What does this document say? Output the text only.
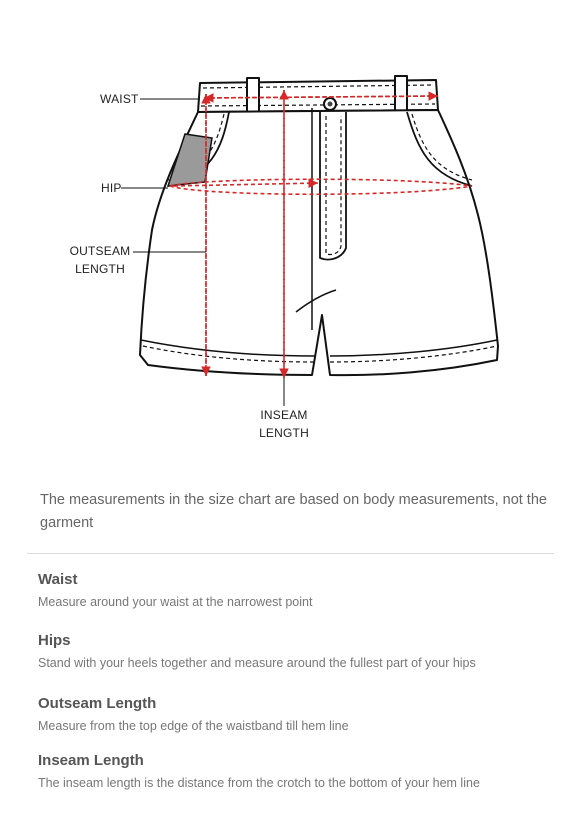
WAIST
HIP
OUTSEAM
LENGTH
INSEAM
LENGTH
The measurements in the size chart are based on body measurements, not the garment
Waist

Measure around your waist at the narrowest point

Hips

Stand with your heels together and measure around the fullest part of your hips

Outseam Length

Measure from the top edge of the waistband till hem line

Inseam Length

The inseam length is the distance from the crotch to the bottom of your hem line
